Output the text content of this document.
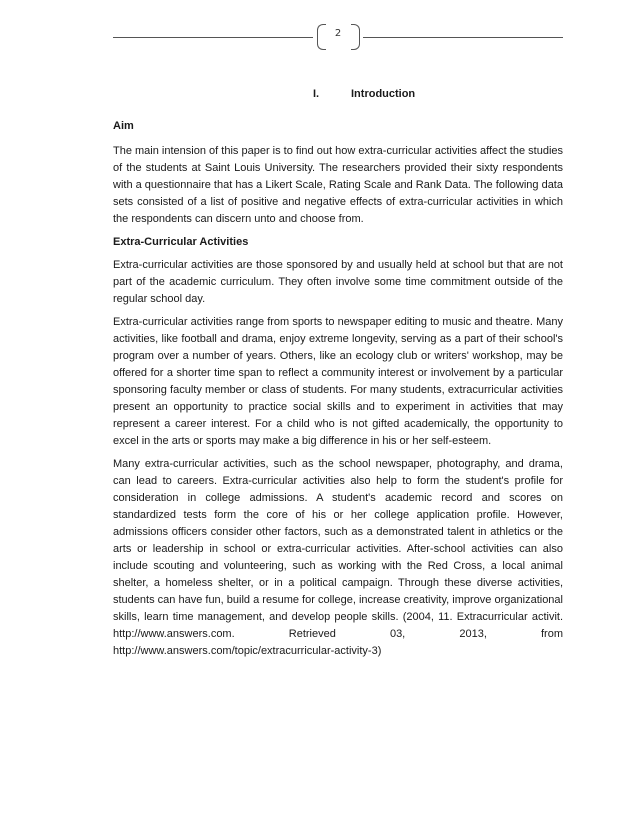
2
I.	Introduction

Aim

The main intension of this paper is to find out how extra-curricular activities affect the studies of the students at Saint Louis University. The researchers provided their sixty respondents with a questionnaire that has a Likert Scale, Rating Scale and Rank Data. The following data sets consisted of a list of positive and negative effects of extra-curricular activities in which the respondents can discern unto and choose from.

Extra-Curricular Activities

Extra-curricular activities are those sponsored by and usually held at school but that are not part of the academic curriculum. They often involve some time commitment outside of the regular school day.

Extra-curricular activities range from sports to newspaper editing to music and theatre. Many activities, like football and drama, enjoy extreme longevity, serving as a part of their school's program over a number of years. Others, like an ecology club or writers' workshop, may be offered for a shorter time span to reflect a community interest or involvement by a particular sponsoring faculty member or class of students. For many students, extracurricular activities present an opportunity to practice social skills and to experiment in activities that may represent a career interest. For a child who is not gifted academically, the opportunity to excel in the arts or sports may make a big difference in his or her self-esteem.

Many extra-curricular activities, such as the school newspaper, photography, and drama, can lead to careers. Extra-curricular activities also help to form the student's profile for consideration in college admissions. A student's academic record and scores on standardized tests form the core of his or her college application profile. However, admissions officers consider other factors, such as a demonstrated talent in athletics or the arts or leadership in school or extra-curricular activities. After-school activities can also include scouting and volunteering, such as working with the Red Cross, a local animal shelter, a homeless shelter, or in a political campaign. Through these diverse activities, students can have fun, build a resume for college, increase creativity, improve organizational skills, learn time management, and develop people skills. (2004, 11. Extracurricular activit. http://www.answers.com. Retrieved 03, 2013, from http://www.answers.com/topic/extracurricular-activity-3)
